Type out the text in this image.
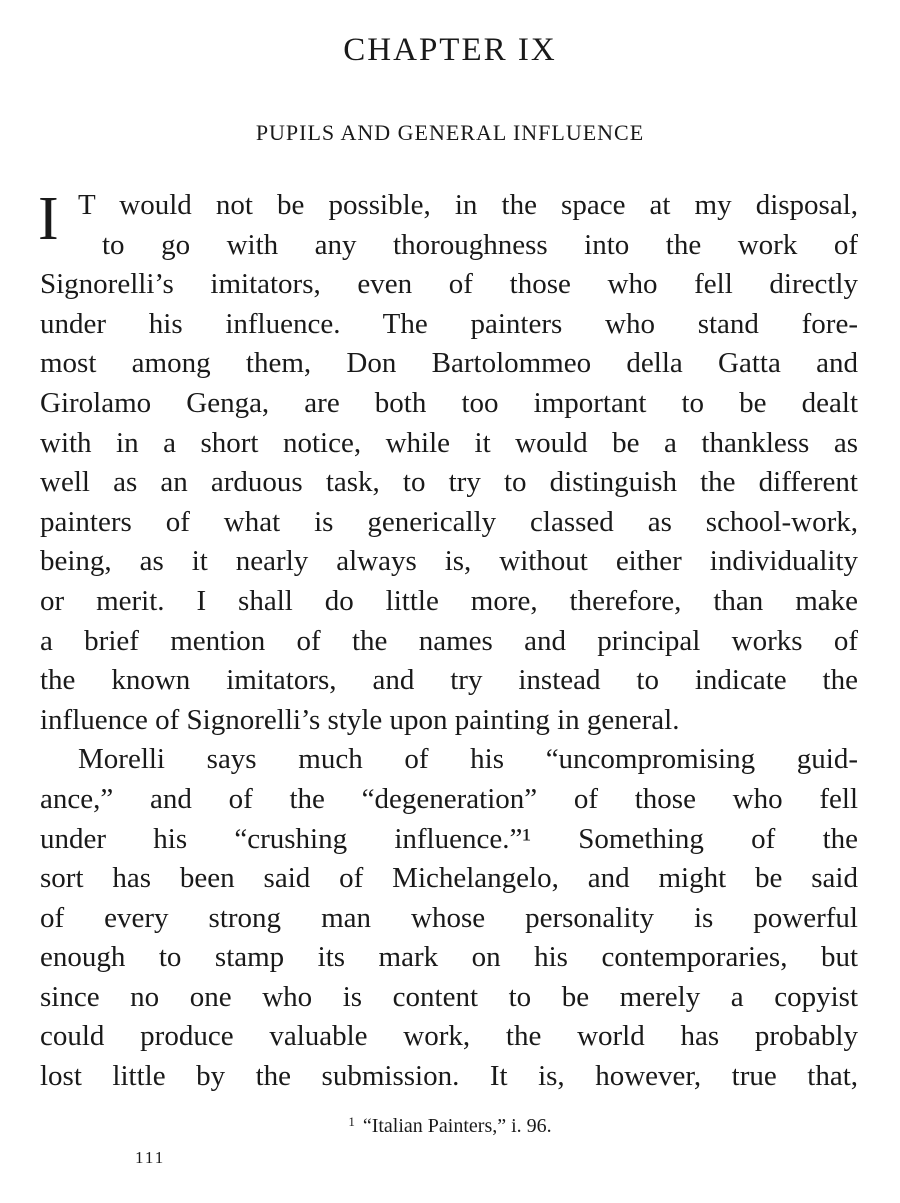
CHAPTER IX
PUPILS AND GENERAL INFLUENCE
I T would not be possible, in the space at my disposal,
to go with any thoroughness into the work of
Signorelli’s imitators, even of those who fell directly
under his influence. The painters who stand fore-
most among them, Don Bartolommeo della Gatta and
Girolamo Genga, are both too important to be dealt
with in a short notice, while it would be a thankless as
well as an arduous task, to try to distinguish the different
painters of what is generically classed as school-work,
being, as it nearly always is, without either individuality
or merit. I shall do little more, therefore, than make
a brief mention of the names and principal works of
the known imitators, and try instead to indicate the
influence of Signorelli’s style upon painting in general.
Morelli says much of his “uncompromising guid-
ance,” and of the “degeneration” of those who fell
under his “crushing influence.”¹ Something of the
sort has been said of Michelangelo, and might be said
of every strong man whose personality is powerful
enough to stamp its mark on his contemporaries, but
since no one who is content to be merely a copyist
could produce valuable work, the world has probably
lost little by the submission. It is, however, true that,
$^1$ “Italian Painters,” i. 96.
111
